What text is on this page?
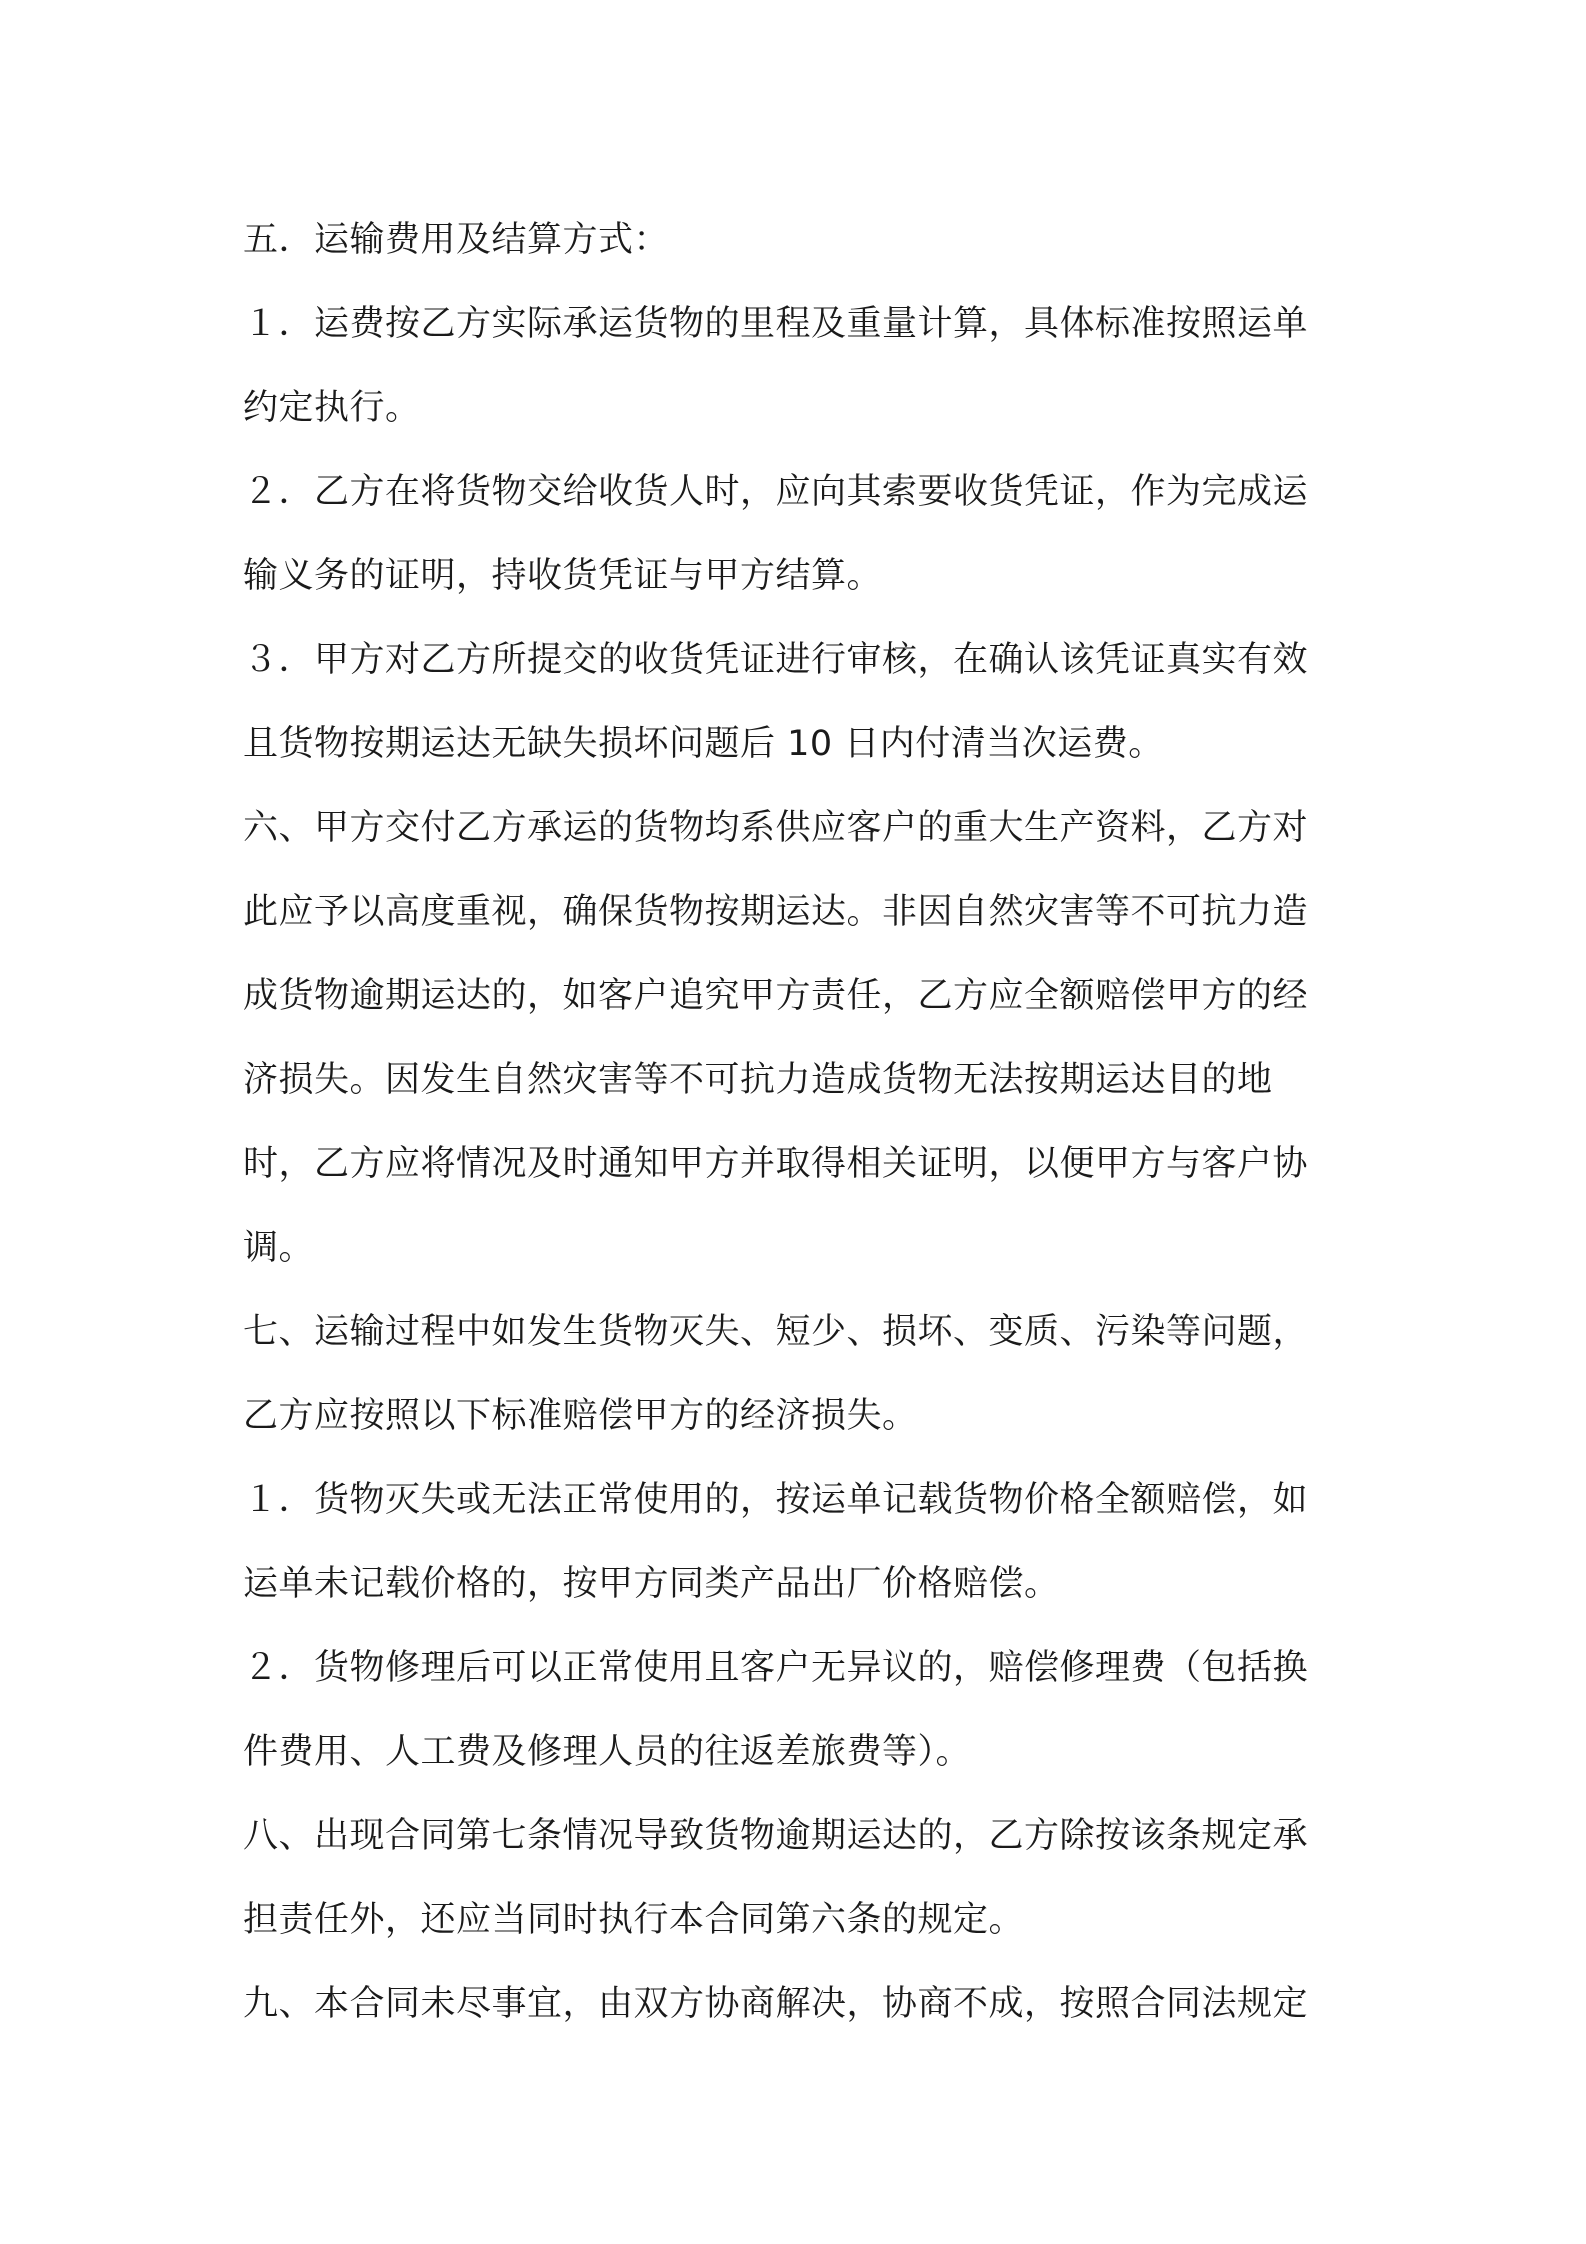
五．运输费用及结算方式：
１．运费按乙方实际承运货物的里程及重量计算，具体标准按照运单
约定执行。
２．乙方在将货物交给收货人时，应向其索要收货凭证，作为完成运
输义务的证明，持收货凭证与甲方结算。
３．甲方对乙方所提交的收货凭证进行审核，在确认该凭证真实有效
且货物按期运达无缺失损坏问题后 10 日内付清当次运费。
六、甲方交付乙方承运的货物均系供应客户的重大生产资料，乙方对
此应予以高度重视，确保货物按期运达。非因自然灾害等不可抗力造
成货物逾期运达的，如客户追究甲方责任，乙方应全额赔偿甲方的经
济损失。因发生自然灾害等不可抗力造成货物无法按期运达目的地
时，乙方应将情况及时通知甲方并取得相关证明，以便甲方与客户协
调。
七、运输过程中如发生货物灭失、短少、损坏、变质、污染等问题，
乙方应按照以下标准赔偿甲方的经济损失。
１．货物灭失或无法正常使用的，按运单记载货物价格全额赔偿，如
运单未记载价格的，按甲方同类产品出厂价格赔偿。
２．货物修理后可以正常使用且客户无异议的，赔偿修理费（包括换
件费用、人工费及修理人员的往返差旅费等）。
八、出现合同第七条情况导致货物逾期运达的，乙方除按该条规定承
担责任外，还应当同时执行本合同第六条的规定。
九、本合同未尽事宜，由双方协商解决，协商不成，按照合同法规定
